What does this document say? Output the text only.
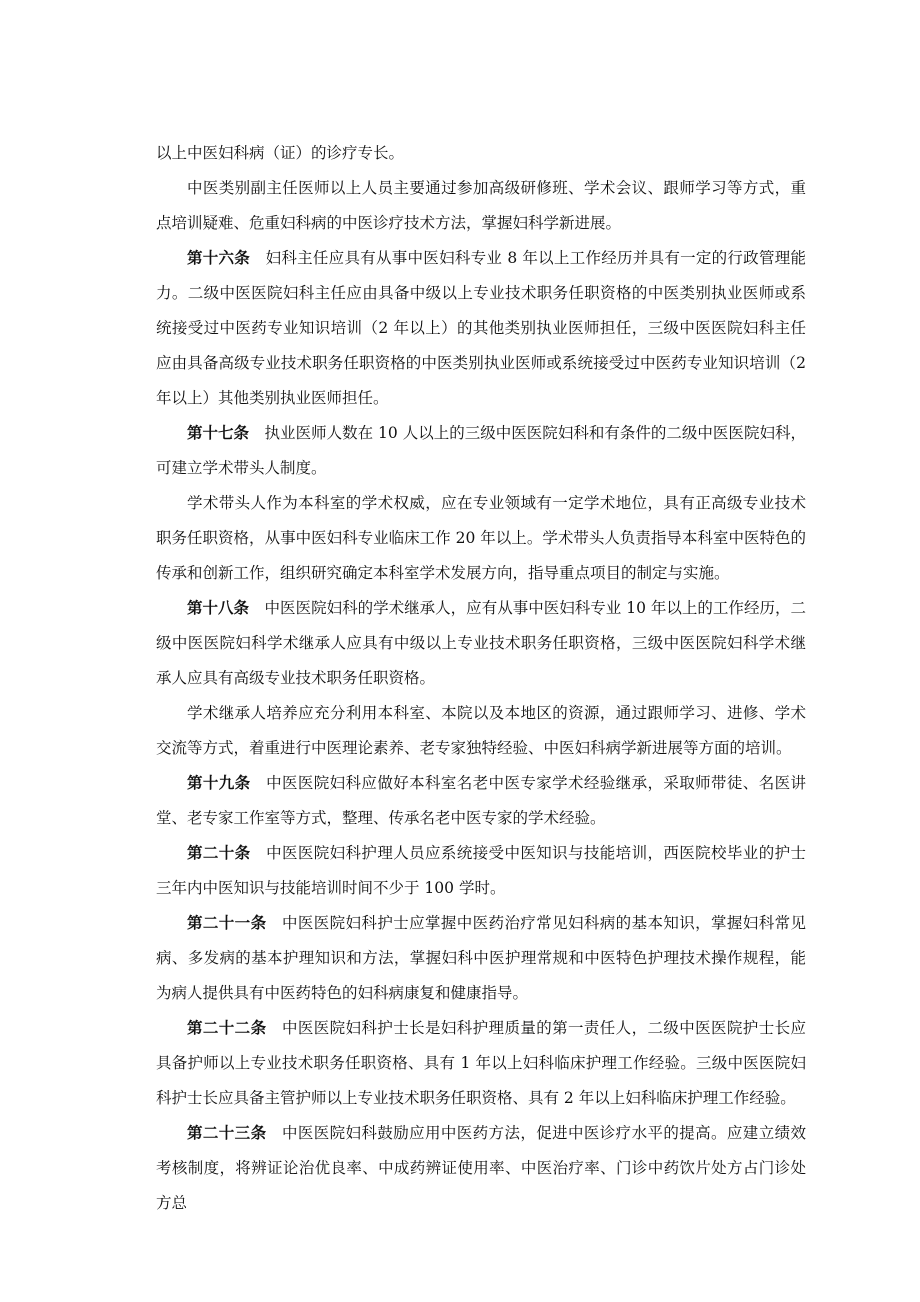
以上中医妇科病（证）的诊疗专长。

中医类别副主任医师以上人员主要通过参加高级研修班、学术会议、跟师学习等方式，重点培训疑难、危重妇科病的中医诊疗技术方法，掌握妇科学新进展。

第十六条 妇科主任应具有从事中医妇科专业 8 年以上工作经历并具有一定的行政管理能力。二级中医医院妇科主任应由具备中级以上专业技术职务任职资格的中医类别执业医师或系统接受过中医药专业知识培训（2 年以上）的其他类别执业医师担任，三级中医医院妇科主任应由具备高级专业技术职务任职资格的中医类别执业医师或系统接受过中医药专业知识培训（2 年以上）其他类别执业医师担任。

第十七条 执业医师人数在 10 人以上的三级中医医院妇科和有条件的二级中医医院妇科，可建立学术带头人制度。

学术带头人作为本科室的学术权威，应在专业领域有一定学术地位，具有正高级专业技术职务任职资格，从事中医妇科专业临床工作 20 年以上。学术带头人负责指导本科室中医特色的传承和创新工作，组织研究确定本科室学术发展方向，指导重点项目的制定与实施。

第十八条 中医医院妇科的学术继承人，应有从事中医妇科专业 10 年以上的工作经历，二级中医医院妇科学术继承人应具有中级以上专业技术职务任职资格，三级中医医院妇科学术继承人应具有高级专业技术职务任职资格。

学术继承人培养应充分利用本科室、本院以及本地区的资源，通过跟师学习、进修、学术交流等方式，着重进行中医理论素养、老专家独特经验、中医妇科病学新进展等方面的培训。

第十九条 中医医院妇科应做好本科室名老中医专家学术经验继承，采取师带徒、名医讲堂、老专家工作室等方式，整理、传承名老中医专家的学术经验。

第二十条 中医医院妇科护理人员应系统接受中医知识与技能培训，西医院校毕业的护士三年内中医知识与技能培训时间不少于 100 学时。

第二十一条 中医医院妇科护士应掌握中医药治疗常见妇科病的基本知识，掌握妇科常见病、多发病的基本护理知识和方法，掌握妇科中医护理常规和中医特色护理技术操作规程，能为病人提供具有中医药特色的妇科病康复和健康指导。

第二十二条 中医医院妇科护士长是妇科护理质量的第一责任人，二级中医医院护士长应具备护师以上专业技术职务任职资格、具有 1 年以上妇科临床护理工作经验。三级中医医院妇科护士长应具备主管护师以上专业技术职务任职资格、具有 2 年以上妇科临床护理工作经验。

第二十三条 中医医院妇科鼓励应用中医药方法，促进中医诊疗水平的提高。应建立绩效考核制度，将辨证论治优良率、中成药辨证使用率、中医治疗率、门诊中药饮片处方占门诊处方总
